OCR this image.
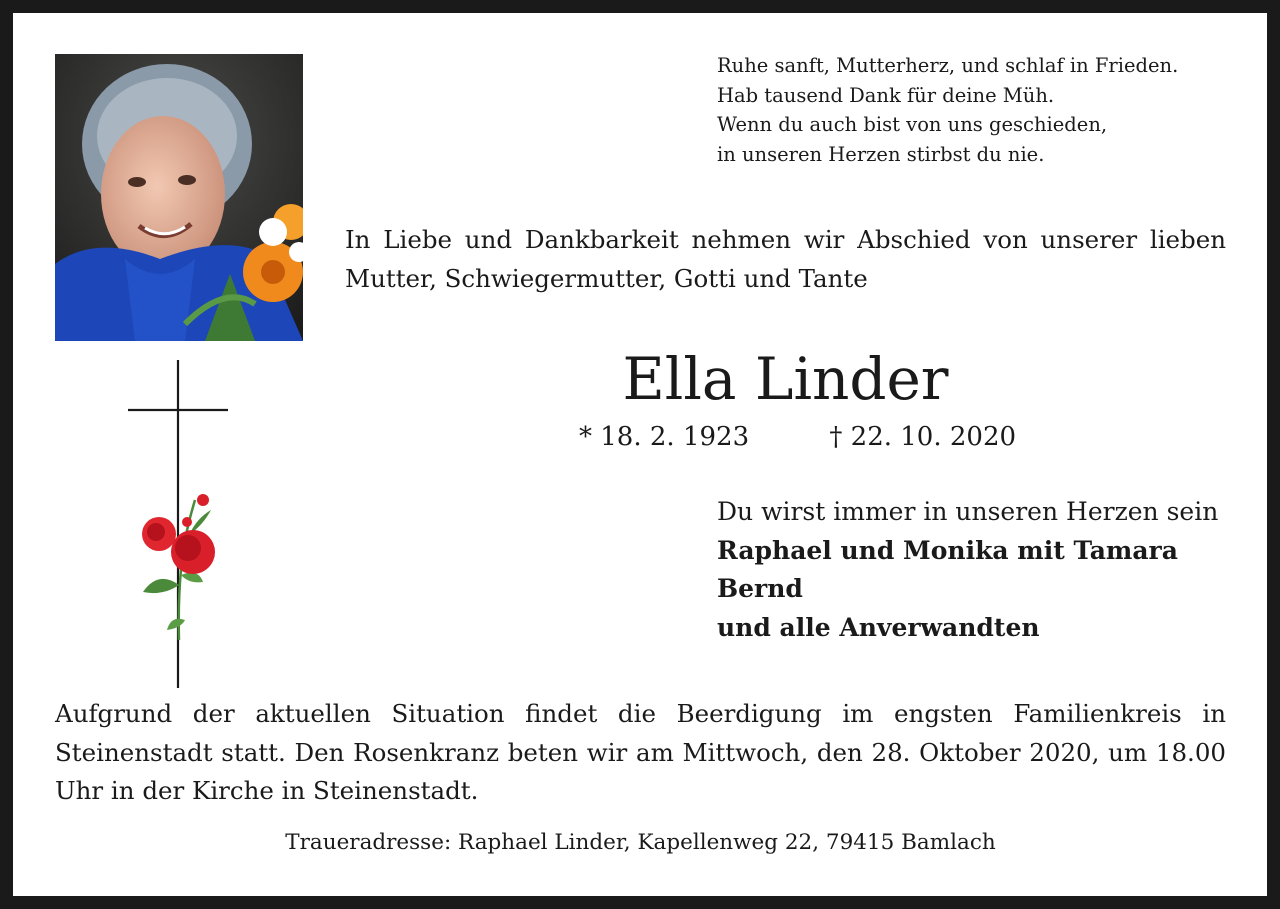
Ruhe sanft, Mutterherz, und schlaf in Frieden.
Hab tausend Dank für deine Müh.
Wenn du auch bist von uns geschieden,
in unseren Herzen stirbst du nie.
In Liebe und Dankbarkeit nehmen wir Abschied von unserer lieben Mutter, Schwiegermutter, Gotti und Tante
Ella Linder
* 18. 2. 1923	† 22. 10. 2020
Du wirst immer in unseren Herzen sein
Raphael und Monika mit Tamara
Bernd
und alle Anverwandten
Aufgrund der aktuellen Situation findet die Beerdigung im engsten Familienkreis in Steinenstadt statt. Den Rosenkranz beten wir am Mittwoch, den 28. Oktober 2020, um 18.00 Uhr in der Kirche in Steinenstadt.
Traueradresse: Raphael Linder, Kapellenweg 22, 79415 Bamlach
